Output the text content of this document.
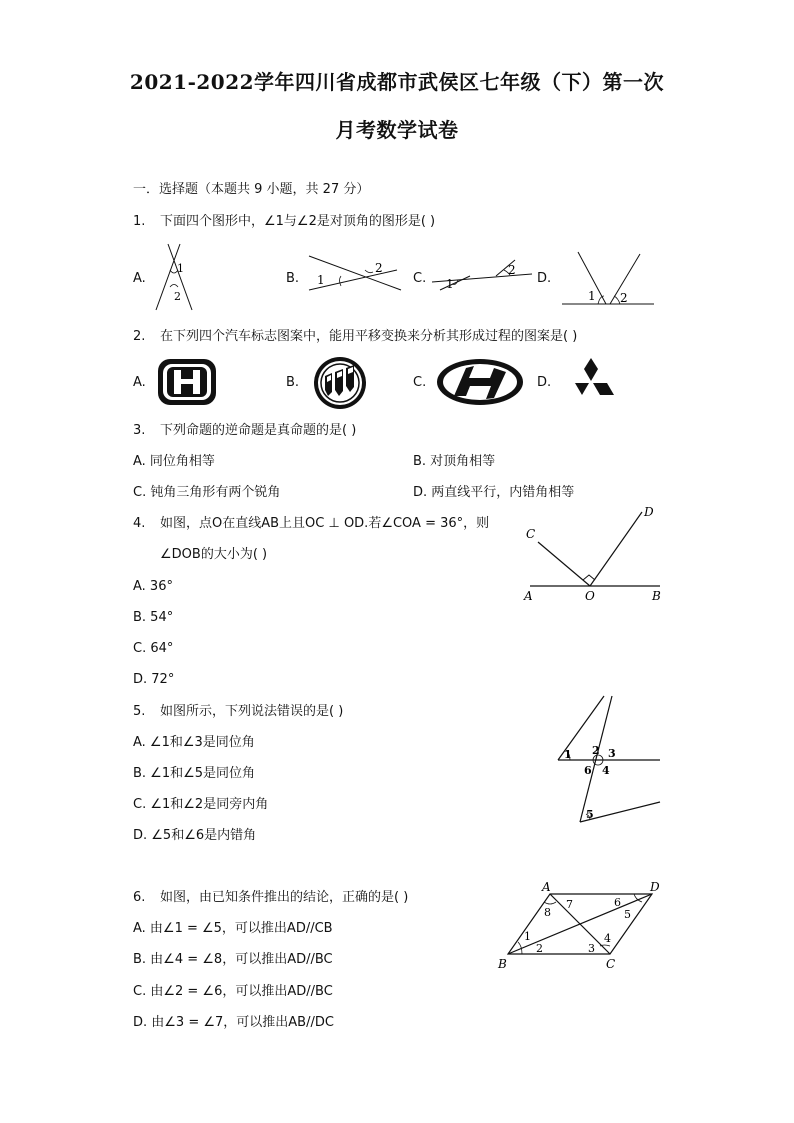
2021-2022学年四川省成都市武侯区七年级（下）第一次
月考数学试卷
一．选择题（本题共 9 小题，共 27 分）
1. 下面四个图形中，∠1与∠2是对顶角的图形是( )
A.	B.	C.	D.
1
2
1
2
1
2
1 2
2. 在下列四个汽车标志图案中，能用平移变换来分析其形成过程的图案是( )
A.	B.	C.	D.
3. 下列命题的逆命题是真命题的是( )
A. 同位角相等	B. 对顶角相等
C. 钝角三角形有两个锐角	D. 两直线平行，内错角相等
4. 如图，点O在直线AB上且OC ⊥ OD.若∠COA = 36°，则
∠DOB的大小为( )
A. 36°
B. 54°
C. 64°
D. 72°
C
D
A	O	B
5. 如图所示，下列说法错误的是( )
A. ∠1和∠3是同位角
B. ∠1和∠5是同位角
C. ∠1和∠2是同旁内角
D. ∠5和∠6是内错角
1 2 3
6 4
5
6. 如图，由已知条件推出的结论，正确的是( )
A. 由∠1 = ∠5，可以推出AD//CB
B. 由∠4 = ∠8，可以推出AD//BC
C. 由∠2 = ∠6，可以推出AD//BC
D. 由∠3 = ∠7，可以推出AB//DC
A	D
B	C
8
7	6
5
1
2	3
4
